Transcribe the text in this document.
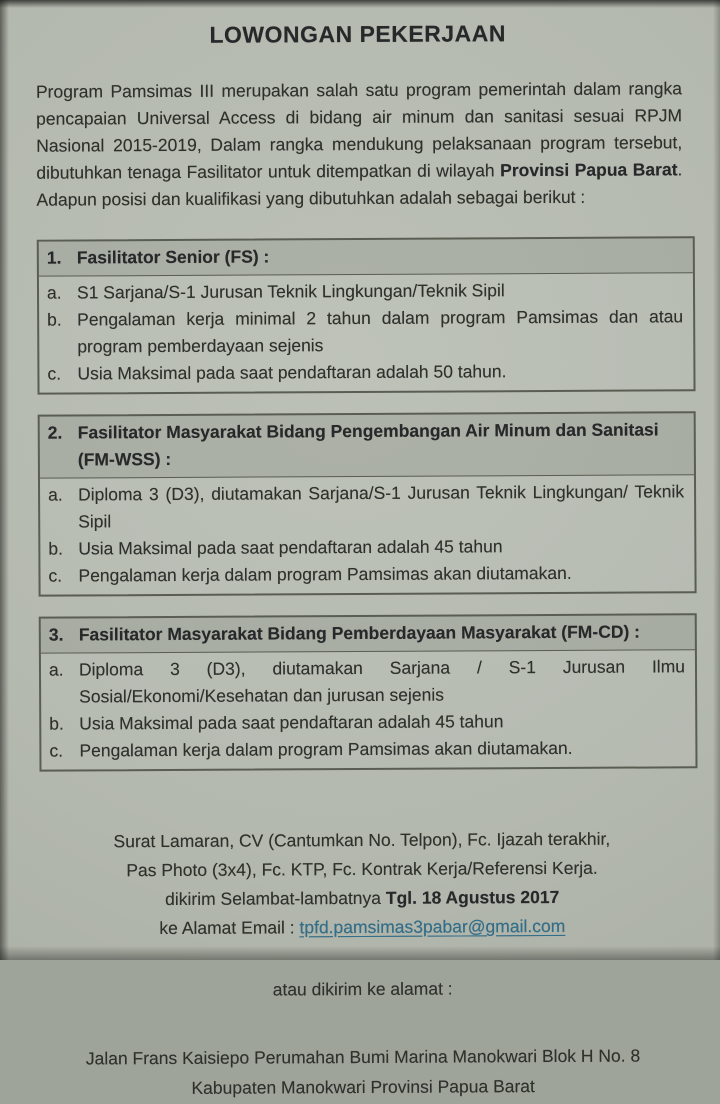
LOWONGAN PEKERJAAN

Program Pamsimas III merupakan salah satu program pemerintah dalam rangka pencapaian Universal Access di bidang air minum dan sanitasi sesuai RPJM Nasional 2015-2019, Dalam rangka mendukung pelaksanaan program tersebut, dibutuhkan tenaga Fasilitator untuk ditempatkan di wilayah Provinsi Papua Barat. Adapun posisi dan kualifikasi yang dibutuhkan adalah sebagai berikut :

1. Fasilitator Senior (FS) :
a. S1 Sarjana/S-1 Jurusan Teknik Lingkungan/Teknik Sipil
b. Pengalaman kerja minimal 2 tahun dalam program Pamsimas dan atau program pemberdayaan sejenis
c. Usia Maksimal pada saat pendaftaran adalah 50 tahun.
2. Fasilitator Masyarakat Bidang Pengembangan Air Minum dan Sanitasi (FM-WSS) :
a. Diploma 3 (D3), diutamakan Sarjana/S-1 Jurusan Teknik Lingkungan/ Teknik Sipil
b. Usia Maksimal pada saat pendaftaran adalah 45 tahun
c. Pengalaman kerja dalam program Pamsimas akan diutamakan.
3. Fasilitator Masyarakat Bidang Pemberdayaan Masyarakat (FM-CD) :
a. Diploma 3 (D3), diutamakan Sarjana / S-1 Jurusan Ilmu Sosial/Ekonomi/Kesehatan dan jurusan sejenis
b. Usia Maksimal pada saat pendaftaran adalah 45 tahun
c. Pengalaman kerja dalam program Pamsimas akan diutamakan.
Surat Lamaran, CV (Cantumkan No. Telpon), Fc. Ijazah terakhir,
Pas Photo (3x4), Fc. KTP, Fc. Kontrak Kerja/Referensi Kerja.
dikirim Selambat-lambatnya Tgl. 18 Agustus 2017
ke Alamat Email : tpfd.pamsimas3pabar@gmail.com
atau dikirim ke alamat :
Jalan Frans Kaisiepo Perumahan Bumi Marina Manokwari Blok H No. 8
Kabupaten Manokwari Provinsi Papua Barat
